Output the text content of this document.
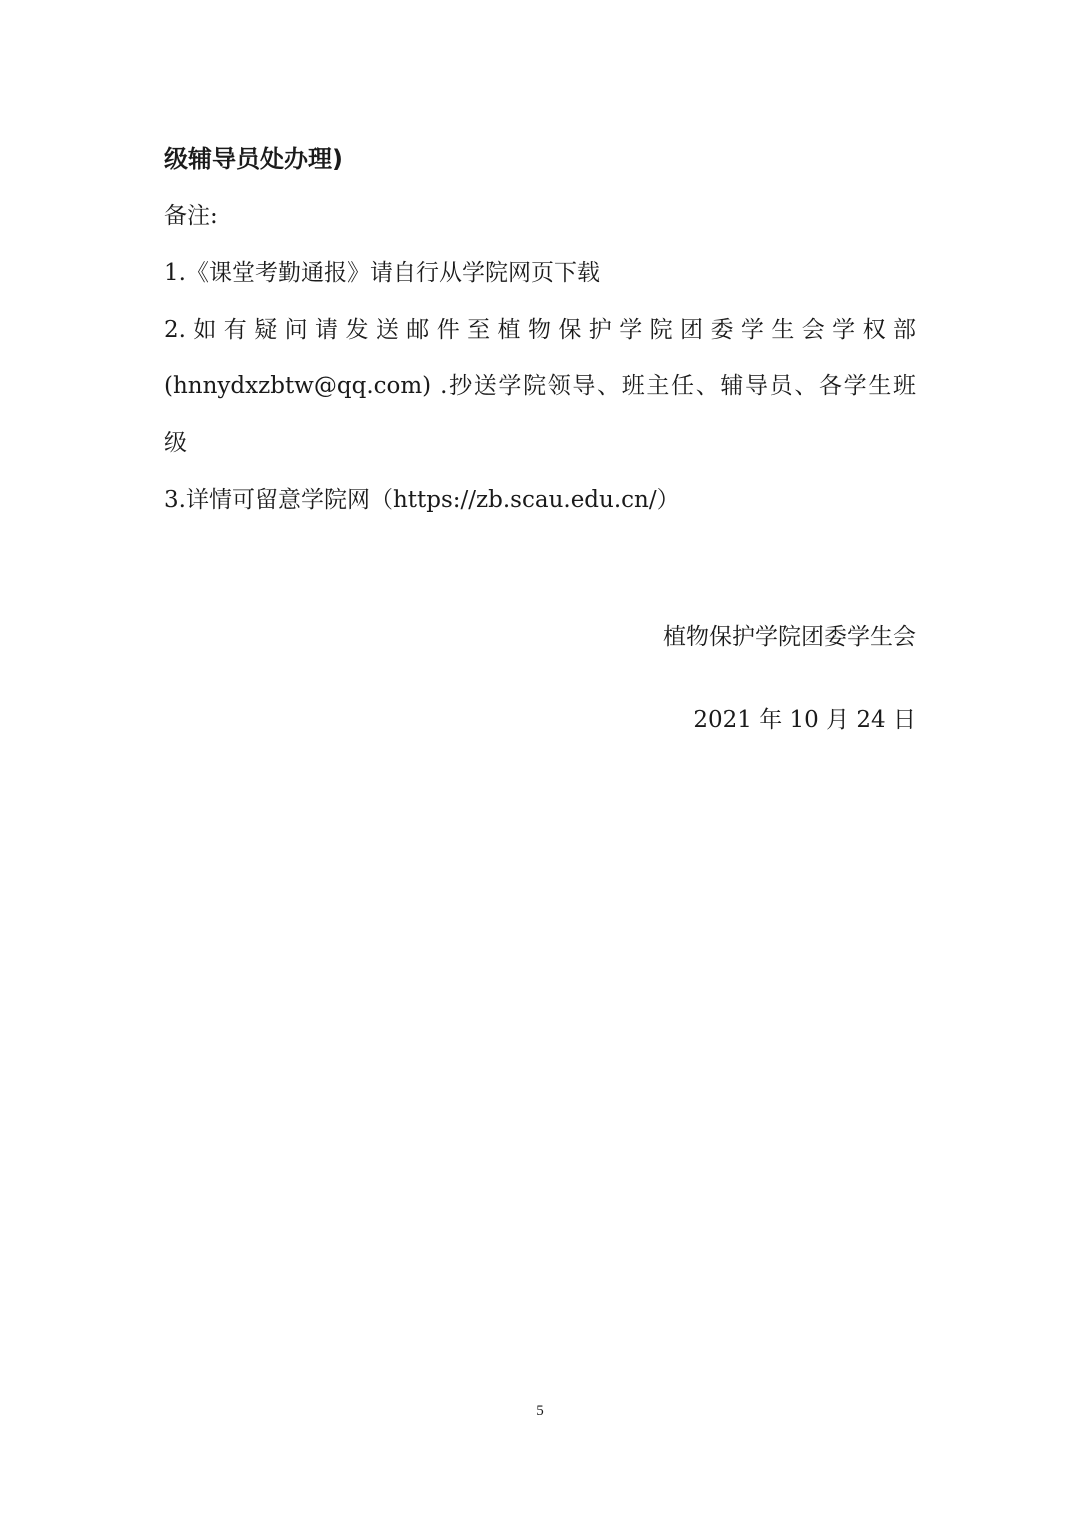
级辅导员处办理)
备注:
1.《课堂考勤通报》请自行从学院网页下载
2.如有疑问请发送邮件至植物保护学院团委学生会学权部
(hnnydxzbtw@qq.com) .抄送学院领导、班主任、辅导员、各学生班
级
3.详情可留意学院网（https://zb.scau.edu.cn/）
植物保护学院团委学生会
2021 年 10 月 24 日
5
